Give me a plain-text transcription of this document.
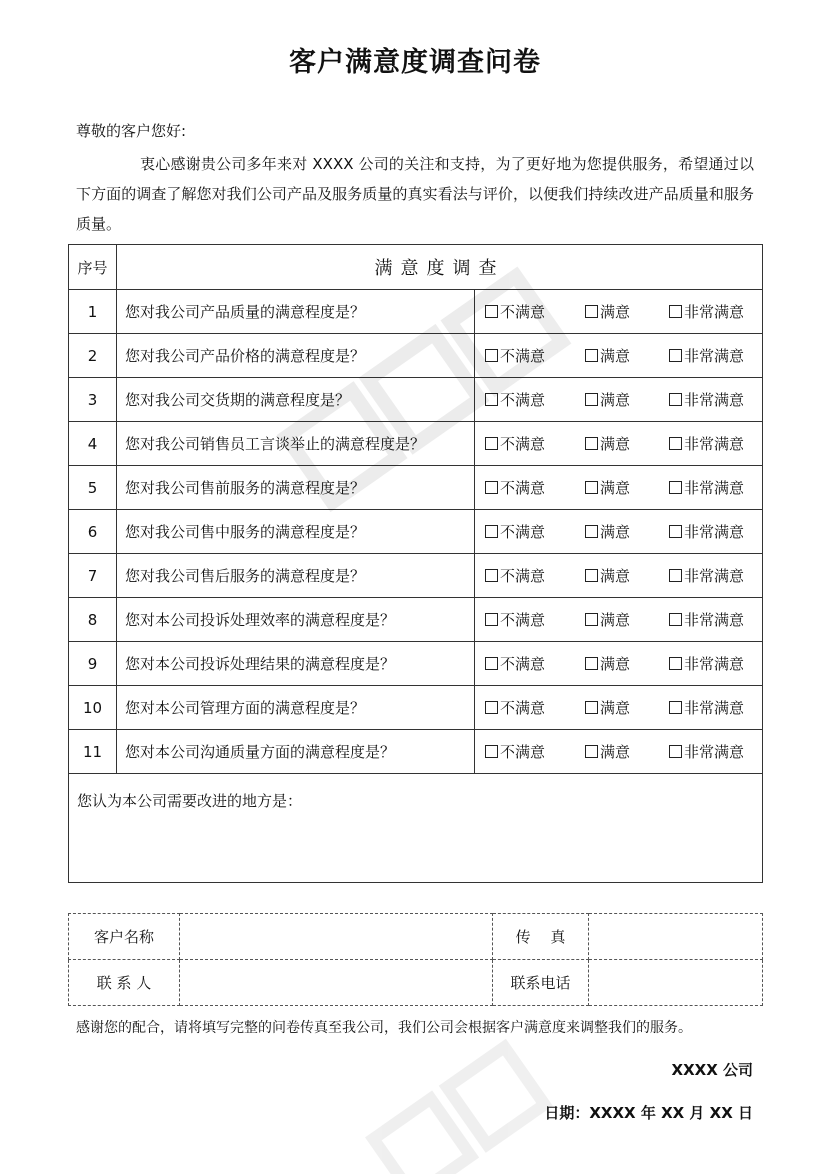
客户满意度调查问卷
尊敬的客户您好:
衷心感谢贵公司多年来对 XXXX 公司的关注和支持，为了更好地为您提供服务，希望通过以下方面的调查了解您对我们公司产品及服务质量的真实看法与评价，以便我们持续改进产品质量和服务质量。
序号	满意度调查	
1	您对我公司产品质量的满意程度是？	不满意 满意 非常满意

2	您对我公司产品价格的满意程度是？	不满意 满意 非常满意

3	您对我公司交货期的满意程度是？	不满意 满意 非常满意

4	您对我公司销售员工言谈举止的满意程度是？	不满意 满意 非常满意

5	您对我公司售前服务的满意程度是？	不满意 满意 非常满意

6	您对我公司售中服务的满意程度是？	不满意 满意 非常满意

7	您对我公司售后服务的满意程度是？	不满意 满意 非常满意

8	您对本公司投诉处理效率的满意程度是？	不满意 满意 非常满意

9	您对本公司投诉处理结果的满意程度是？	不满意 满意 非常满意

10	您对本公司管理方面的满意程度是？	不满意 满意 非常满意

11	您对本公司沟通质量方面的满意程度是？	不满意 满意 非常满意

您认为本公司需要改进的地方是：		
客户名称		传　 真	
联 系 人		联系电话	
感谢您的配合，请将填写完整的问卷传真至我公司，我们公司会根据客户满意度来调整我们的服务。
XXXX 公司
日期：XXXX 年 XX 月 XX 日
